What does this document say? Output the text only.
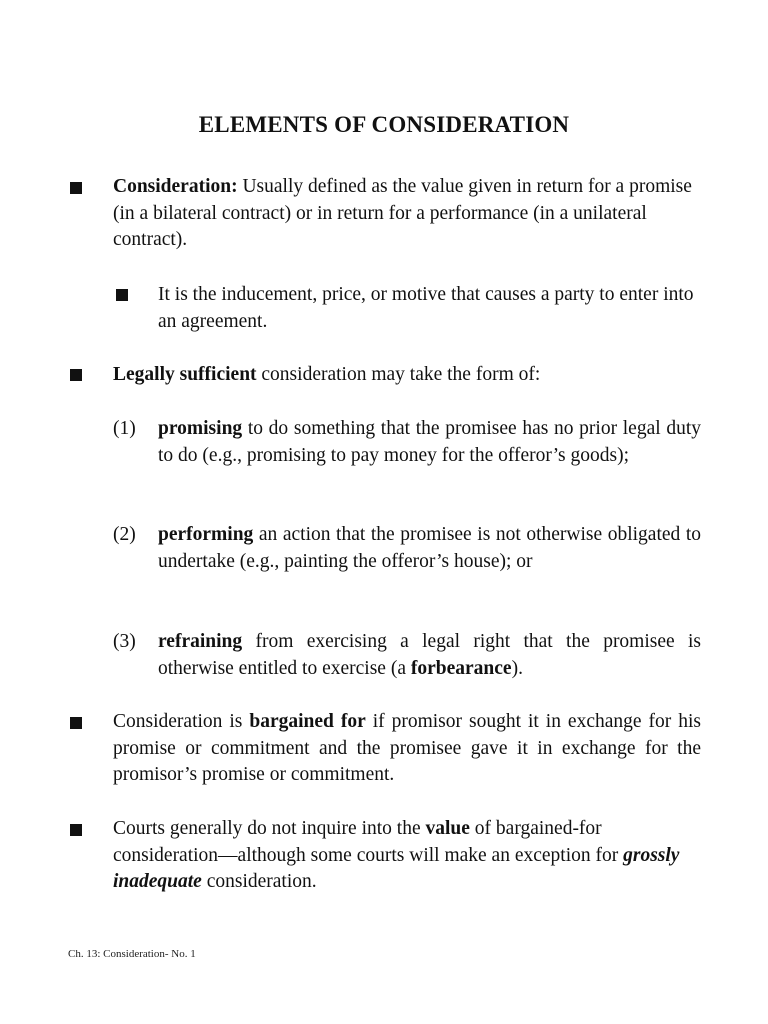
ELEMENTS OF CONSIDERATION
Consideration: Usually defined as the value given in return for a promise (in a bilateral contract) or in return for a performance (in a unilateral contract).
It is the inducement, price, or motive that causes a party to enter into an agreement.
Legally sufficient consideration may take the form of:
(1) promising to do something that the promisee has no prior legal duty to do (e.g., promising to pay money for the offeror’s goods);
(2) performing an action that the promisee is not otherwise obligated to undertake (e.g., painting the offeror’s house); or
(3) refraining from exercising a legal right that the promisee is otherwise entitled to exercise (a forbearance).
Consideration is bargained for if promisor sought it in exchange for his promise or commitment and the promisee gave it in exchange for the promisor’s promise or commitment.
Courts generally do not inquire into the value of bargained-for consideration—although some courts will make an exception for grossly inadequate consideration.
Ch. 13: Consideration- No. 1
